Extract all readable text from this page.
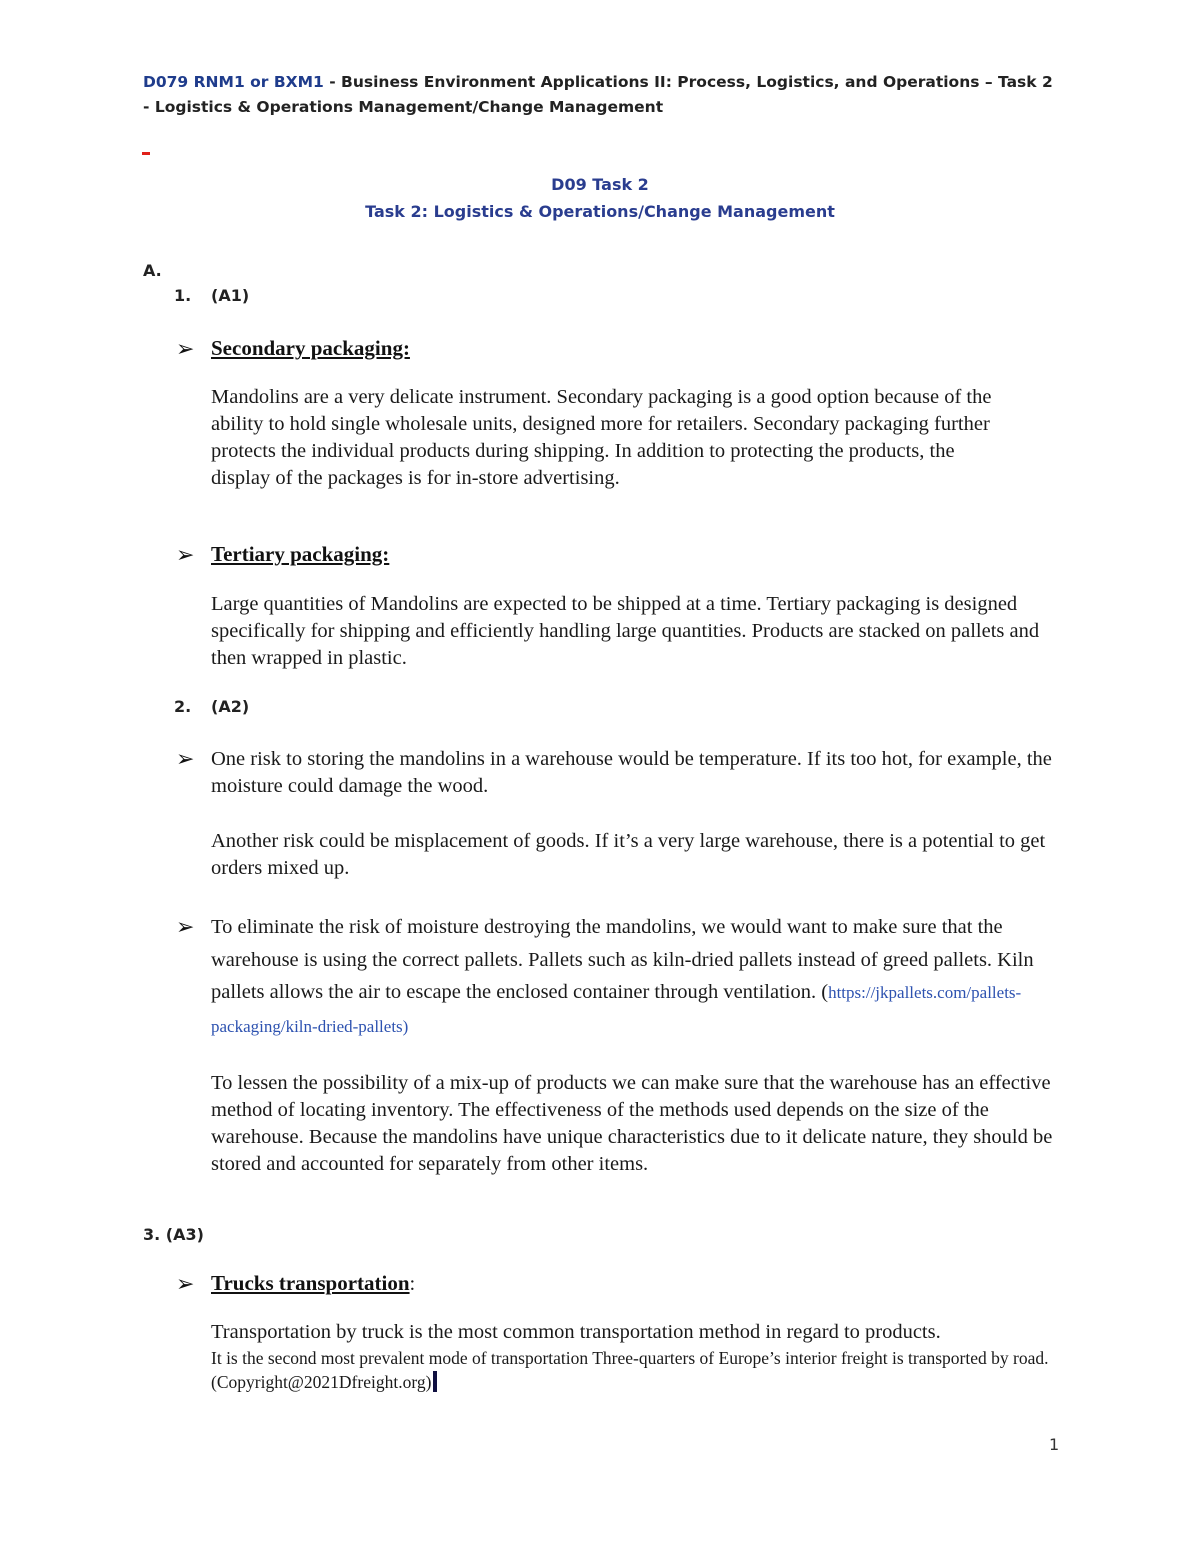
D079 RNM1 or BXM1 - Business Environment Applications II: Process, Logistics, and Operations – Task 2 - Logistics & Operations Management/Change Management
D09 Task 2
Task 2: Logistics & Operations/Change Management
A.
1. (A1)
➢ Secondary packaging:

Mandolins are a very delicate instrument. Secondary packaging is a good option because of the ability to hold single wholesale units, designed more for retailers. Secondary packaging further protects the individual products during shipping. In addition to protecting the products, the display of the packages is for in-store advertising.

➢ Tertiary packaging:

Large quantities of Mandolins are expected to be shipped at a time. Tertiary packaging is designed specifically for shipping and efficiently handling large quantities. Products are stacked on pallets and then wrapped in plastic.

2. (A2)
➢ One risk to storing the mandolins in a warehouse would be temperature. If its too hot, for example, the moisture could damage the wood.

Another risk could be misplacement of goods. If it’s a very large warehouse, there is a potential to get orders mixed up.

➢ To eliminate the risk of moisture destroying the mandolins, we would want to make sure that the warehouse is using the correct pallets. Pallets such as kiln-dried pallets instead of greed pallets. Kiln pallets allows the air to escape the enclosed container through ventilation. (https://jkpallets.com/pallets-packaging/kiln-dried-pallets)

To lessen the possibility of a mix-up of products we can make sure that the warehouse has an effective method of locating inventory. The effectiveness of the methods used depends on the size of the warehouse. Because the mandolins have unique characteristics due to it delicate nature, they should be stored and accounted for separately from other items.

3. (A3)
➢ Trucks transportation:

Transportation by truck is the most common transportation method in regard to products.

It is the second most prevalent mode of transportation Three-quarters of Europe’s interior freight is transported by road. (Copyright@2021Dfreight.org)
1
